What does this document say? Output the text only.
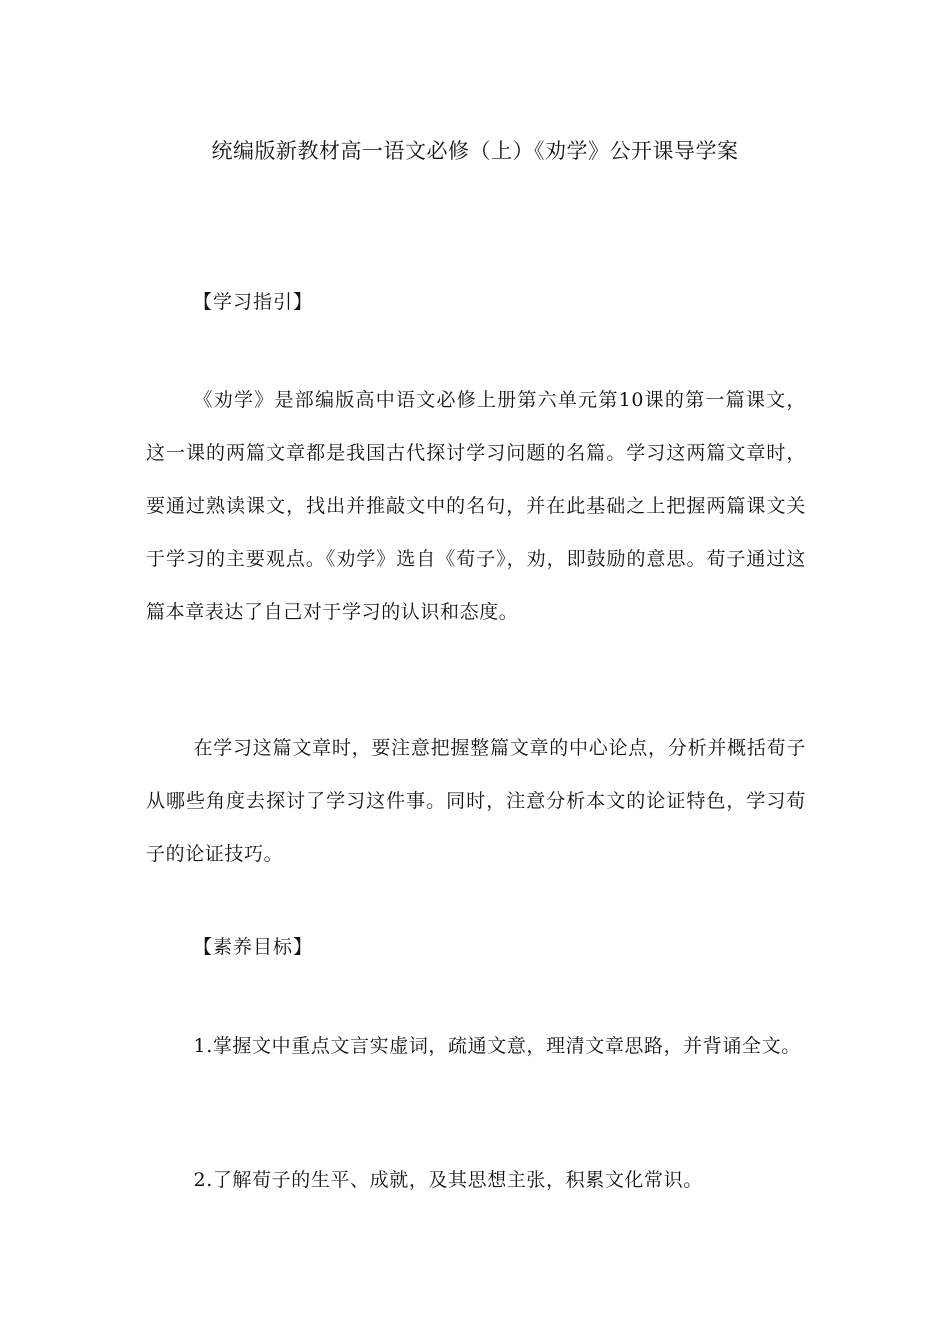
统编版新教材高一语文必修（上）《劝学》公开课导学案
【学习指引】

《劝学》是部编版高中语文必修上册第六单元第10课的第一篇课文，这一课的两篇文章都是我国古代探讨学习问题的名篇。学习这两篇文章时，要通过熟读课文，找出并推敲文中的名句，并在此基础之上把握两篇课文关于学习的主要观点。《劝学》选自《荀子》，劝，即鼓励的意思。荀子通过这篇本章表达了自己对于学习的认识和态度。

在学习这篇文章时，要注意把握整篇文章的中心论点，分析并概括荀子从哪些角度去探讨了学习这件事。同时，注意分析本文的论证特色，学习荀子的论证技巧。

【素养目标】

1.掌握文中重点文言实虚词，疏通文意，理清文章思路，并背诵全文。

2.了解荀子的生平、成就，及其思想主张，积累文化常识。
